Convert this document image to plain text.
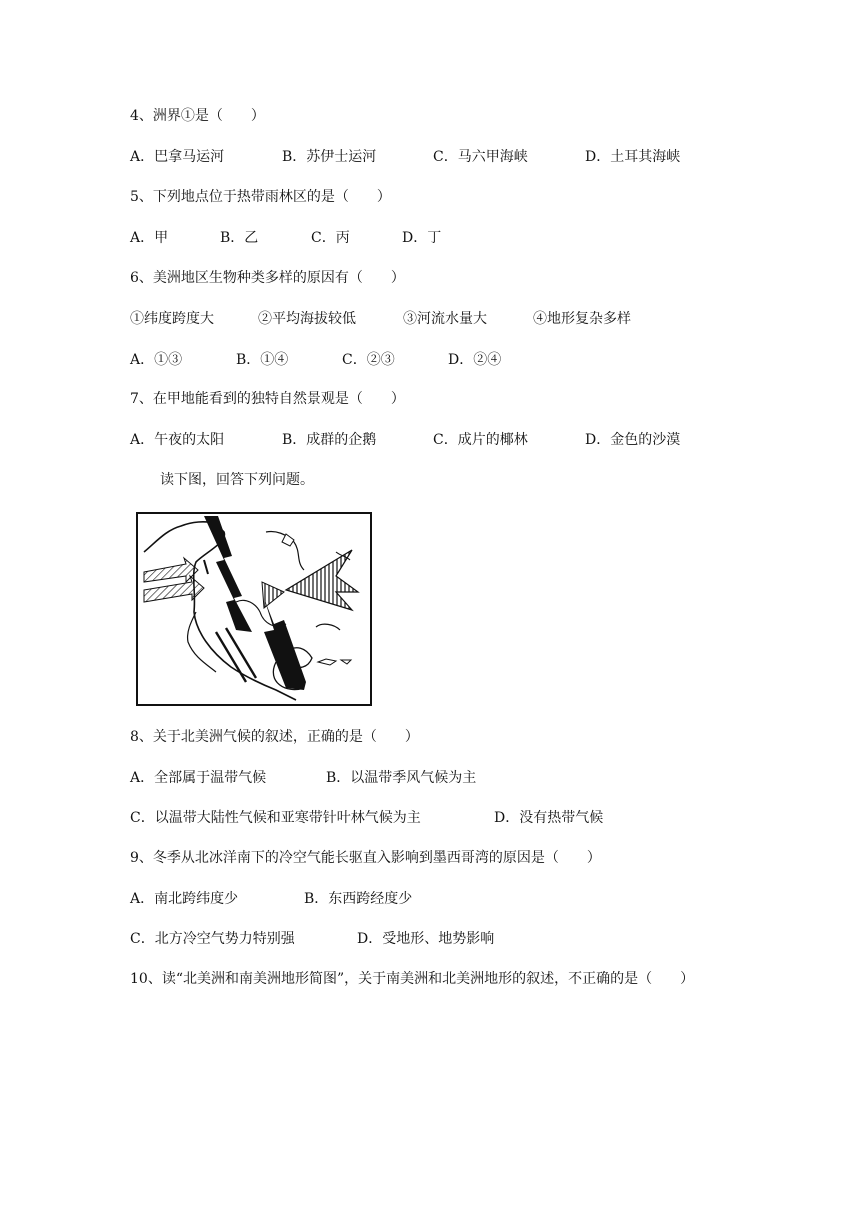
4、洲界①是（　　）
A．巴拿马运河	B．苏伊士运河	C．马六甲海峡	D．土耳其海峡
5、下列地点位于热带雨林区的是（　　）
A．甲	B．乙	C．丙	D．丁
6、美洲地区生物种类多样的原因有（　　）
①纬度跨度大	②平均海拔较低	③河流水量大	④地形复杂多样
A．①③	B．①④	C．②③	D．②④
7、在甲地能看到的独特自然景观是（　　）
A．午夜的太阳	B．成群的企鹅	C．成片的椰林	D．金色的沙漠
读下图，回答下列问题。
8、关于北美洲气候的叙述，正确的是（　　）
A．全部属于温带气候	B．以温带季风气候为主
C．以温带大陆性气候和亚寒带针叶林气候为主	D．没有热带气候
9、冬季从北冰洋南下的冷空气能长驱直入影响到墨西哥湾的原因是（　　）
A．南北跨纬度少	B．东西跨经度少
C．北方冷空气势力特别强	D．受地形、地势影响
10、读“北美洲和南美洲地形简图”，关于南美洲和北美洲地形的叙述，不正确的是（　　）
